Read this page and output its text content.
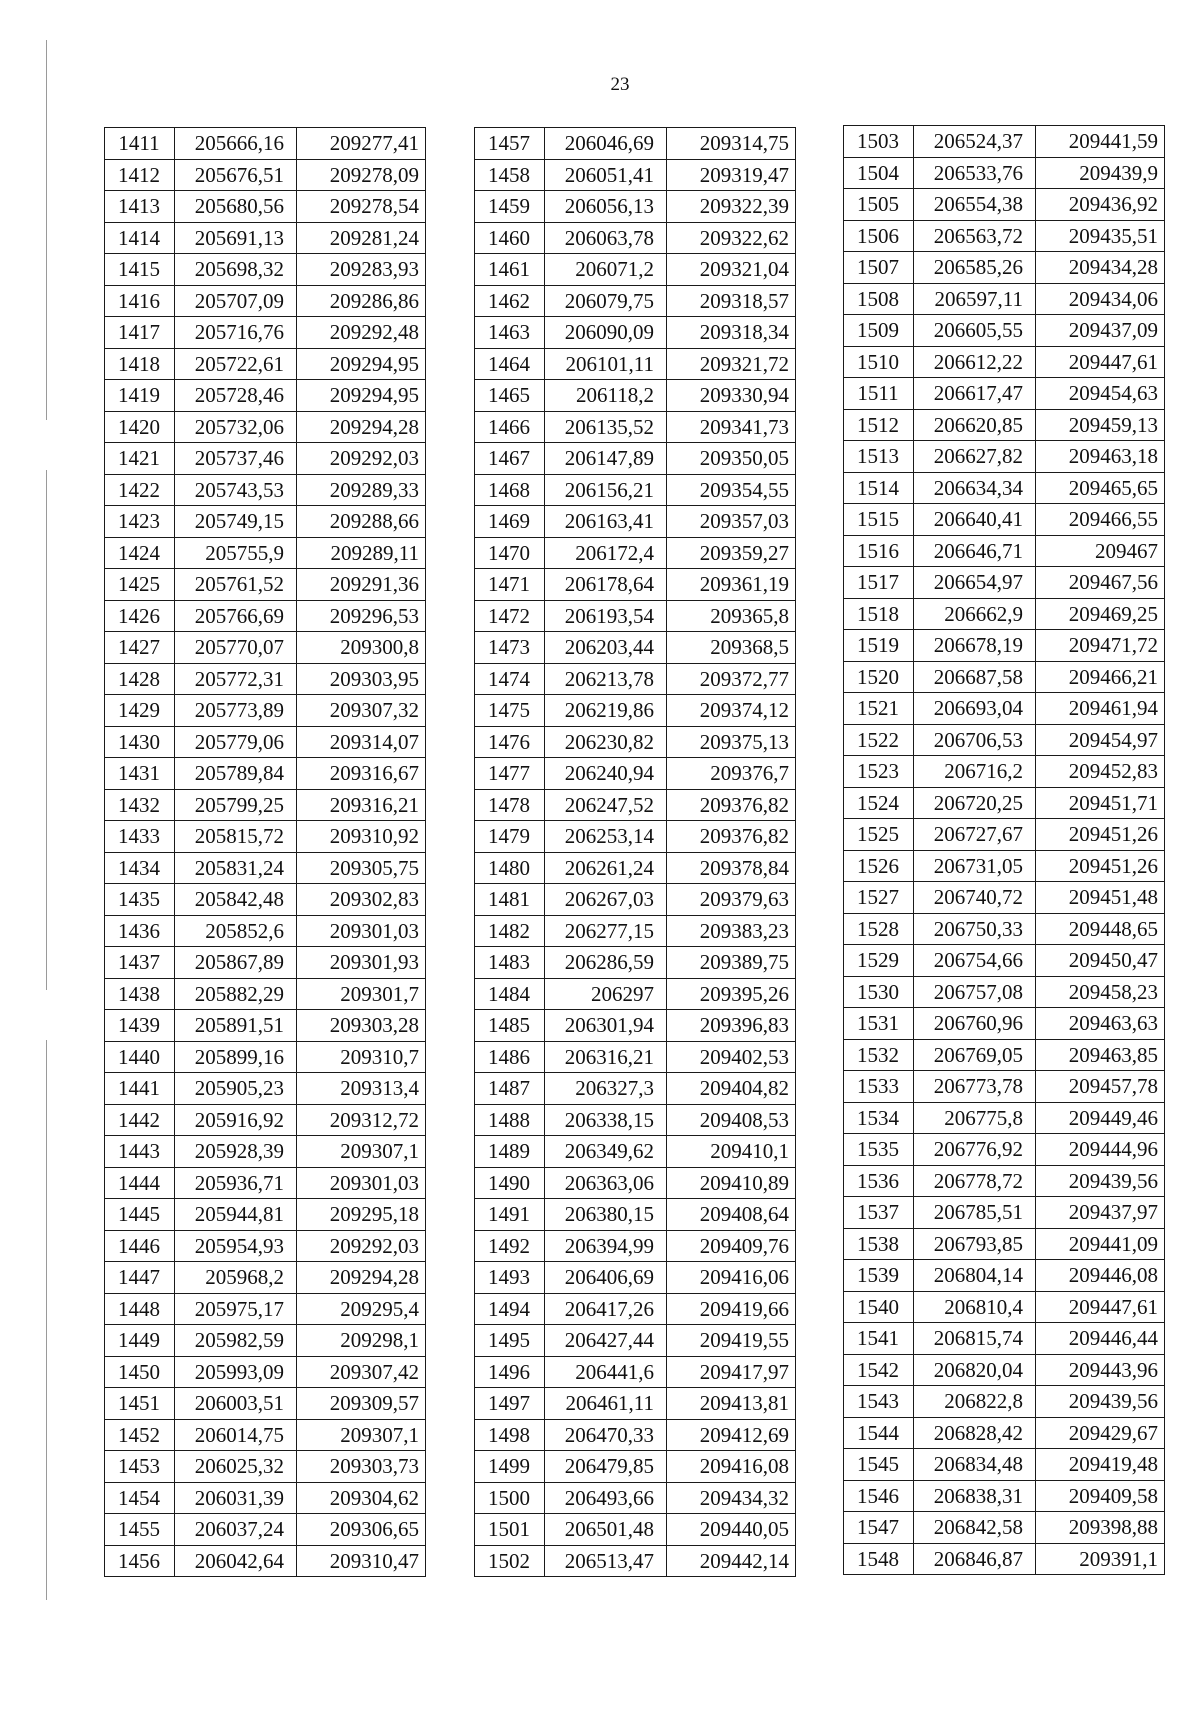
23
1411	205666,16	209277,41
1412	205676,51	209278,09
1413	205680,56	209278,54
1414	205691,13	209281,24
1415	205698,32	209283,93
1416	205707,09	209286,86
1417	205716,76	209292,48
1418	205722,61	209294,95
1419	205728,46	209294,95
1420	205732,06	209294,28
1421	205737,46	209292,03
1422	205743,53	209289,33
1423	205749,15	209288,66
1424	205755,9	209289,11
1425	205761,52	209291,36
1426	205766,69	209296,53
1427	205770,07	209300,8
1428	205772,31	209303,95
1429	205773,89	209307,32
1430	205779,06	209314,07
1431	205789,84	209316,67
1432	205799,25	209316,21
1433	205815,72	209310,92
1434	205831,24	209305,75
1435	205842,48	209302,83
1436	205852,6	209301,03
1437	205867,89	209301,93
1438	205882,29	209301,7
1439	205891,51	209303,28
1440	205899,16	209310,7
1441	205905,23	209313,4
1442	205916,92	209312,72
1443	205928,39	209307,1
1444	205936,71	209301,03
1445	205944,81	209295,18
1446	205954,93	209292,03
1447	205968,2	209294,28
1448	205975,17	209295,4
1449	205982,59	209298,1
1450	205993,09	209307,42
1451	206003,51	209309,57
1452	206014,75	209307,1
1453	206025,32	209303,73
1454	206031,39	209304,62
1455	206037,24	209306,65
1456	206042,64	209310,47
1457	206046,69	209314,75
1458	206051,41	209319,47
1459	206056,13	209322,39
1460	206063,78	209322,62
1461	206071,2	209321,04
1462	206079,75	209318,57
1463	206090,09	209318,34
1464	206101,11	209321,72
1465	206118,2	209330,94
1466	206135,52	209341,73
1467	206147,89	209350,05
1468	206156,21	209354,55
1469	206163,41	209357,03
1470	206172,4	209359,27
1471	206178,64	209361,19
1472	206193,54	209365,8
1473	206203,44	209368,5
1474	206213,78	209372,77
1475	206219,86	209374,12
1476	206230,82	209375,13
1477	206240,94	209376,7
1478	206247,52	209376,82
1479	206253,14	209376,82
1480	206261,24	209378,84
1481	206267,03	209379,63
1482	206277,15	209383,23
1483	206286,59	209389,75
1484	206297	209395,26
1485	206301,94	209396,83
1486	206316,21	209402,53
1487	206327,3	209404,82
1488	206338,15	209408,53
1489	206349,62	209410,1
1490	206363,06	209410,89
1491	206380,15	209408,64
1492	206394,99	209409,76
1493	206406,69	209416,06
1494	206417,26	209419,66
1495	206427,44	209419,55
1496	206441,6	209417,97
1497	206461,11	209413,81
1498	206470,33	209412,69
1499	206479,85	209416,08
1500	206493,66	209434,32
1501	206501,48	209440,05
1502	206513,47	209442,14
1503	206524,37	209441,59
1504	206533,76	209439,9
1505	206554,38	209436,92
1506	206563,72	209435,51
1507	206585,26	209434,28
1508	206597,11	209434,06
1509	206605,55	209437,09
1510	206612,22	209447,61
1511	206617,47	209454,63
1512	206620,85	209459,13
1513	206627,82	209463,18
1514	206634,34	209465,65
1515	206640,41	209466,55
1516	206646,71	209467
1517	206654,97	209467,56
1518	206662,9	209469,25
1519	206678,19	209471,72
1520	206687,58	209466,21
1521	206693,04	209461,94
1522	206706,53	209454,97
1523	206716,2	209452,83
1524	206720,25	209451,71
1525	206727,67	209451,26
1526	206731,05	209451,26
1527	206740,72	209451,48
1528	206750,33	209448,65
1529	206754,66	209450,47
1530	206757,08	209458,23
1531	206760,96	209463,63
1532	206769,05	209463,85
1533	206773,78	209457,78
1534	206775,8	209449,46
1535	206776,92	209444,96
1536	206778,72	209439,56
1537	206785,51	209437,97
1538	206793,85	209441,09
1539	206804,14	209446,08
1540	206810,4	209447,61
1541	206815,74	209446,44
1542	206820,04	209443,96
1543	206822,8	209439,56
1544	206828,42	209429,67
1545	206834,48	209419,48
1546	206838,31	209409,58
1547	206842,58	209398,88
1548	206846,87	209391,1
